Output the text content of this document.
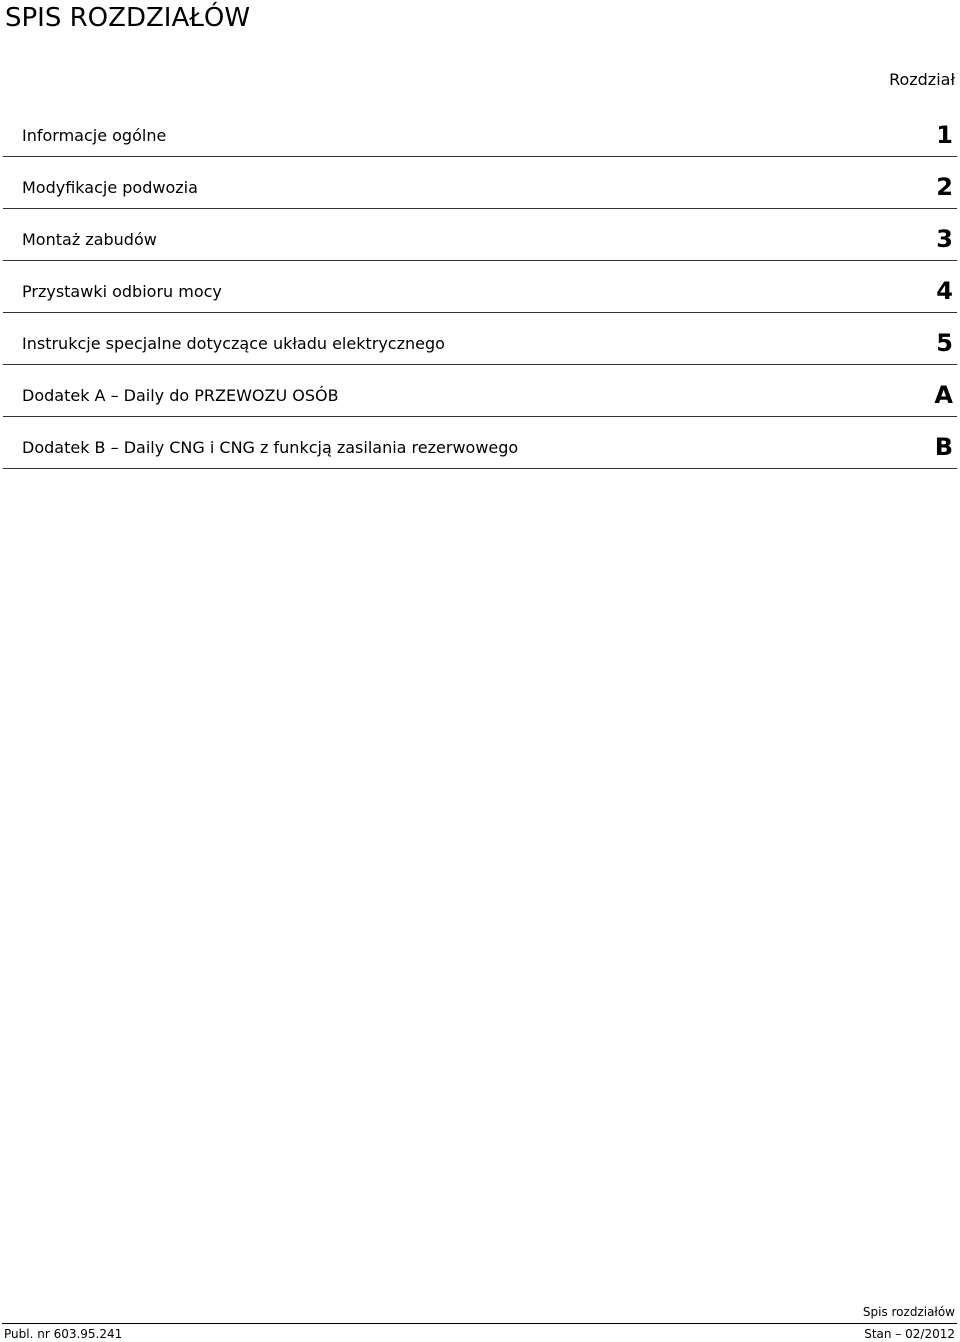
SPIS ROZDZIAŁÓW
Rozdział
Informacje ogólne	1
Modyfikacje podwozia	2
Montaż zabudów	3
Przystawki odbioru mocy	4
Instrukcje specjalne dotyczące układu elektrycznego	5
Dodatek A – Daily do PRZEWOZU OSÓB	A
Dodatek B – Daily CNG i CNG z funkcją zasilania rezerwowego	B
Spis rozdziałów
Publ. nr 603.95.241	Stan – 02/2012
